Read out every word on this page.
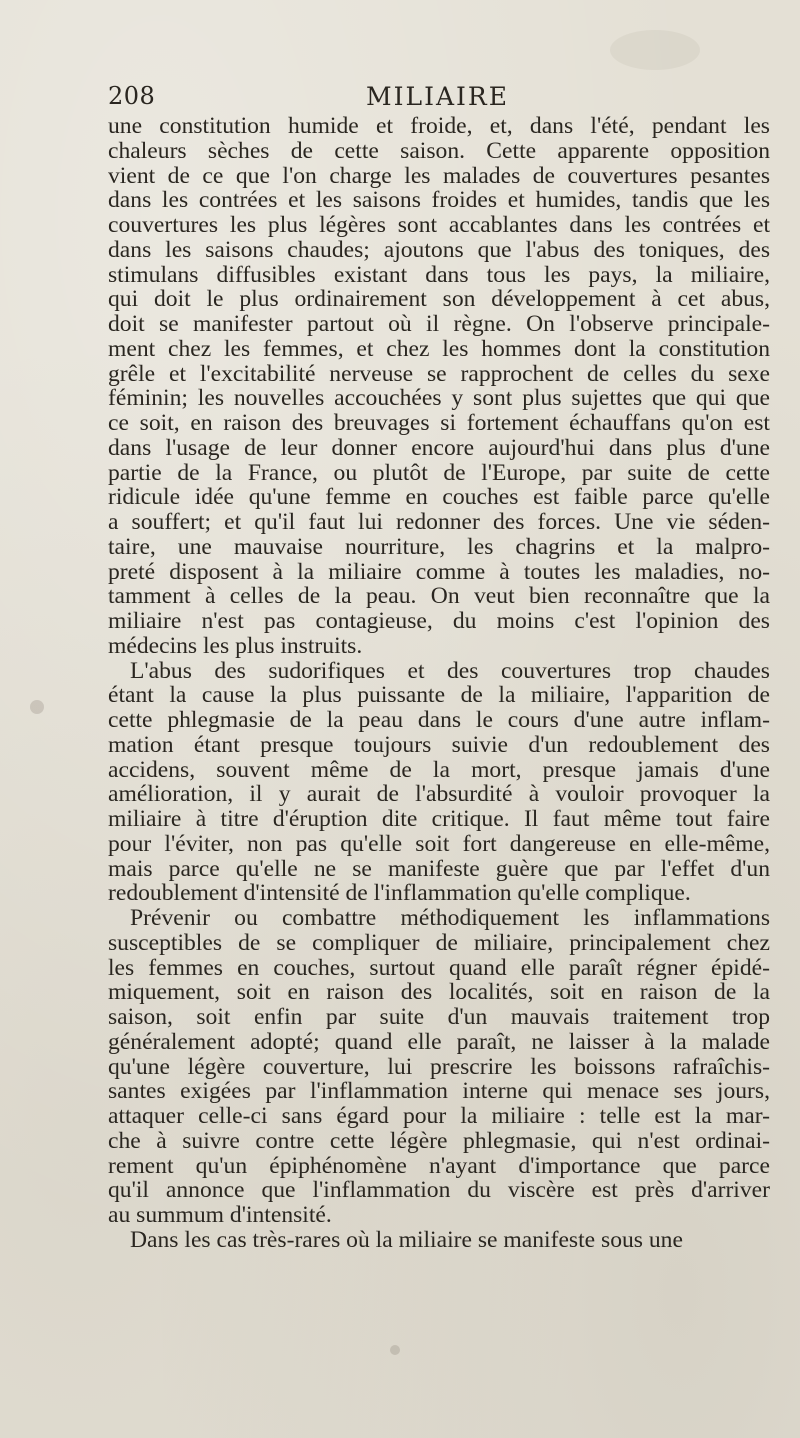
208	MILIAIRE
une constitution humide et froide, et, dans l'été, pendant les
chaleurs sèches de cette saison. Cette apparente opposition
vient de ce que l'on charge les malades de couvertures pesantes
dans les contrées et les saisons froides et humides, tandis que les
couvertures les plus légères sont accablantes dans les contrées et
dans les saisons chaudes; ajoutons que l'abus des toniques, des
stimulans diffusibles existant dans tous les pays, la miliaire,
qui doit le plus ordinairement son développement à cet abus,
doit se manifester partout où il règne. On l'observe principale-
ment chez les femmes, et chez les hommes dont la constitution
grêle et l'excitabilité nerveuse se rapprochent de celles du sexe
féminin; les nouvelles accouchées y sont plus sujettes que qui que
ce soit, en raison des breuvages si fortement échauffans qu'on est
dans l'usage de leur donner encore aujourd'hui dans plus d'une
partie de la France, ou plutôt de l'Europe, par suite de cette
ridicule idée qu'une femme en couches est faible parce qu'elle
a souffert; et qu'il faut lui redonner des forces. Une vie séden-
taire, une mauvaise nourriture, les chagrins et la malpro-
preté disposent à la miliaire comme à toutes les maladies, no-
tamment à celles de la peau. On veut bien reconnaître que la
miliaire n'est pas contagieuse, du moins c'est l'opinion des
médecins les plus instruits.
L'abus des sudorifiques et des couvertures trop chaudes
étant la cause la plus puissante de la miliaire, l'apparition de
cette phlegmasie de la peau dans le cours d'une autre inflam-
mation étant presque toujours suivie d'un redoublement des
accidens, souvent même de la mort, presque jamais d'une
amélioration, il y aurait de l'absurdité à vouloir provoquer la
miliaire à titre d'éruption dite critique. Il faut même tout faire
pour l'éviter, non pas qu'elle soit fort dangereuse en elle-même,
mais parce qu'elle ne se manifeste guère que par l'effet d'un
redoublement d'intensité de l'inflammation qu'elle complique.
Prévenir ou combattre méthodiquement les inflammations
susceptibles de se compliquer de miliaire, principalement chez
les femmes en couches, surtout quand elle paraît régner épidé-
miquement, soit en raison des localités, soit en raison de la
saison, soit enfin par suite d'un mauvais traitement trop
généralement adopté; quand elle paraît, ne laisser à la malade
qu'une légère couverture, lui prescrire les boissons rafraîchis-
santes exigées par l'inflammation interne qui menace ses jours,
attaquer celle-ci sans égard pour la miliaire : telle est la mar-
che à suivre contre cette légère phlegmasie, qui n'est ordinai-
rement qu'un épiphénomène n'ayant d'importance que parce
qu'il annonce que l'inflammation du viscère est près d'arriver
au summum d'intensité.
Dans les cas très-rares où la miliaire se manifeste sous une
